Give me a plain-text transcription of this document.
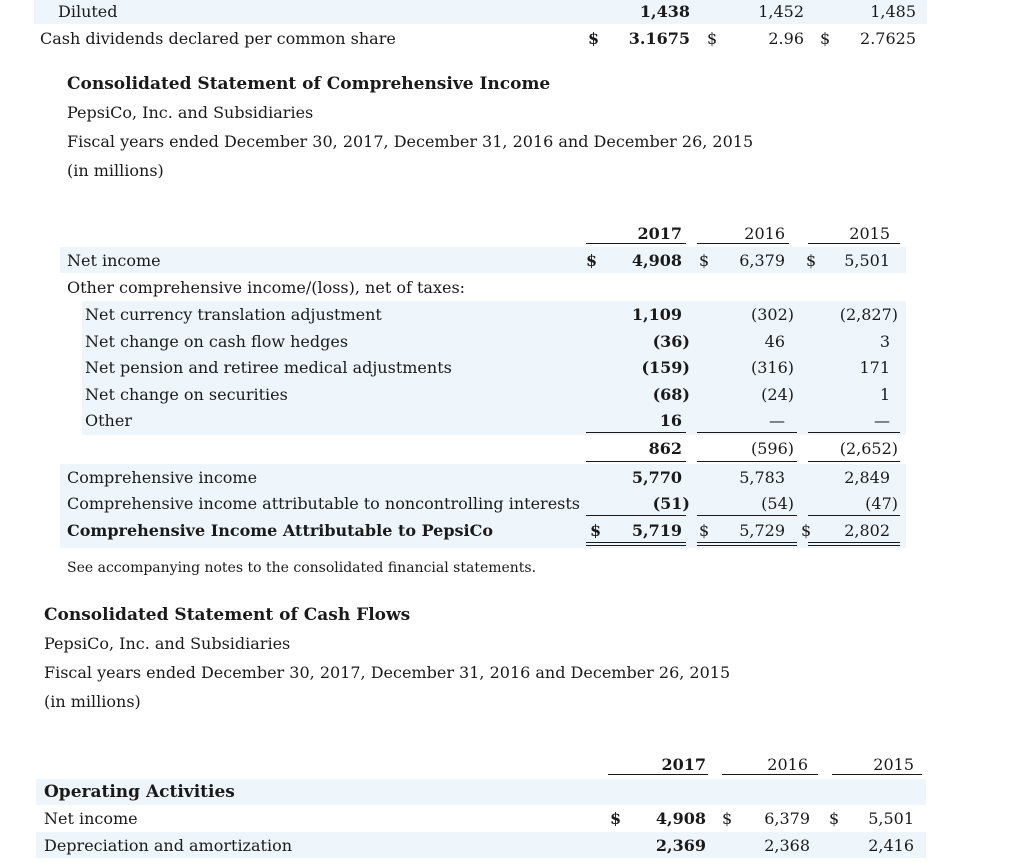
Diluted	1,438	1,452	1,485
Cash dividends declared per common share	$	3.1675 $	2.96 $	2.7625
Consolidated Statement of Comprehensive Income
PepsiCo, Inc. and Subsidiaries
Fiscal years ended December 30, 2017, December 31, 2016 and December 26, 2015
(in millions)
2017	2016	2015
Net income	$	4,908 $	6,379 $	5,501
Other comprehensive income/(loss), net of taxes:
Net currency translation adjustment	1,109	(302)	(2,827)
Net change on cash flow hedges	(36)	46	3
Net pension and retiree medical adjustments	(159)	(316)	171
Net change on securities	(68)	(24)	1
Other	16	—	—
862	(596)	(2,652)
Comprehensive income	5,770	5,783	2,849
Comprehensive income attributable to noncontrolling interests	(51)	(54)	(47)
Comprehensive Income Attributable to PepsiCo	$	5,719 $	5,729 $	2,802
See accompanying notes to the consolidated financial statements.
Consolidated Statement of Cash Flows
PepsiCo, Inc. and Subsidiaries
Fiscal years ended December 30, 2017, December 31, 2016 and December 26, 2015
(in millions)
2017	2016	2015
Operating Activities
Net income	$	4,908 $	6,379 $	5,501
Depreciation and amortization	2,369	2,368	2,416
